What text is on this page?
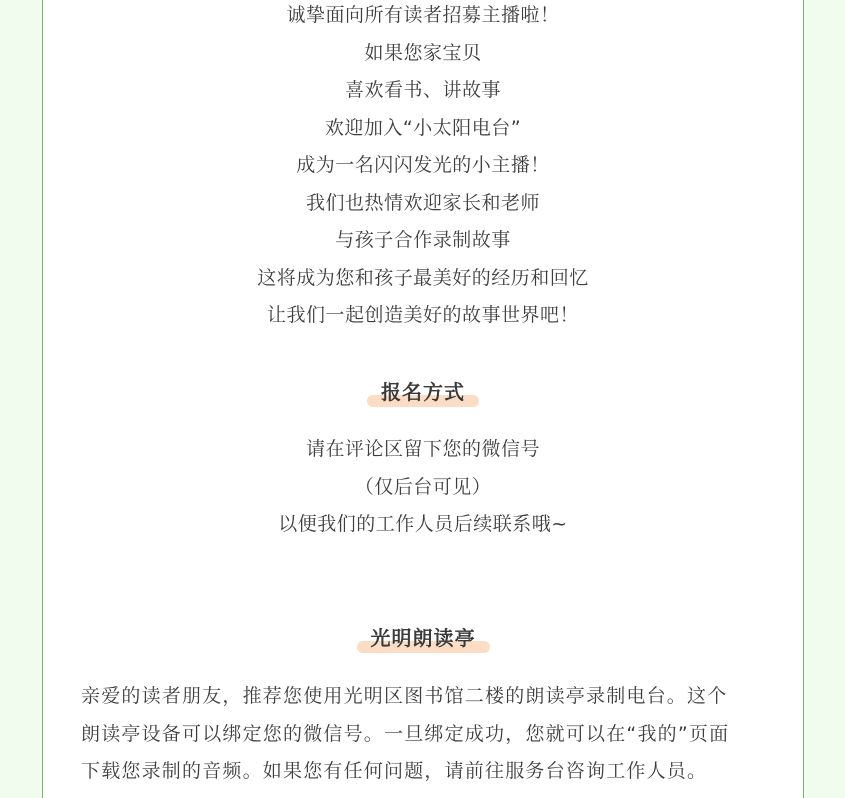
诚挚面向所有读者招募主播啦！
如果您家宝贝
喜欢看书、讲故事
欢迎加入“小太阳电台”
成为一名闪闪发光的小主播！
我们也热情欢迎家长和老师
与孩子合作录制故事
这将成为您和孩子最美好的经历和回忆
让我们一起创造美好的故事世界吧！
报名方式
请在评论区留下您的微信号
（仅后台可见）
以便我们的工作人员后续联系哦~
光明朗读亭
亲爱的读者朋友，推荐您使用光明区图书馆二楼的朗读亭录制电台。这个
朗读亭设备可以绑定您的微信号。一旦绑定成功，您就可以在“我的”页面
下载您录制的音频。如果您有任何问题，请前往服务台咨询工作人员。
